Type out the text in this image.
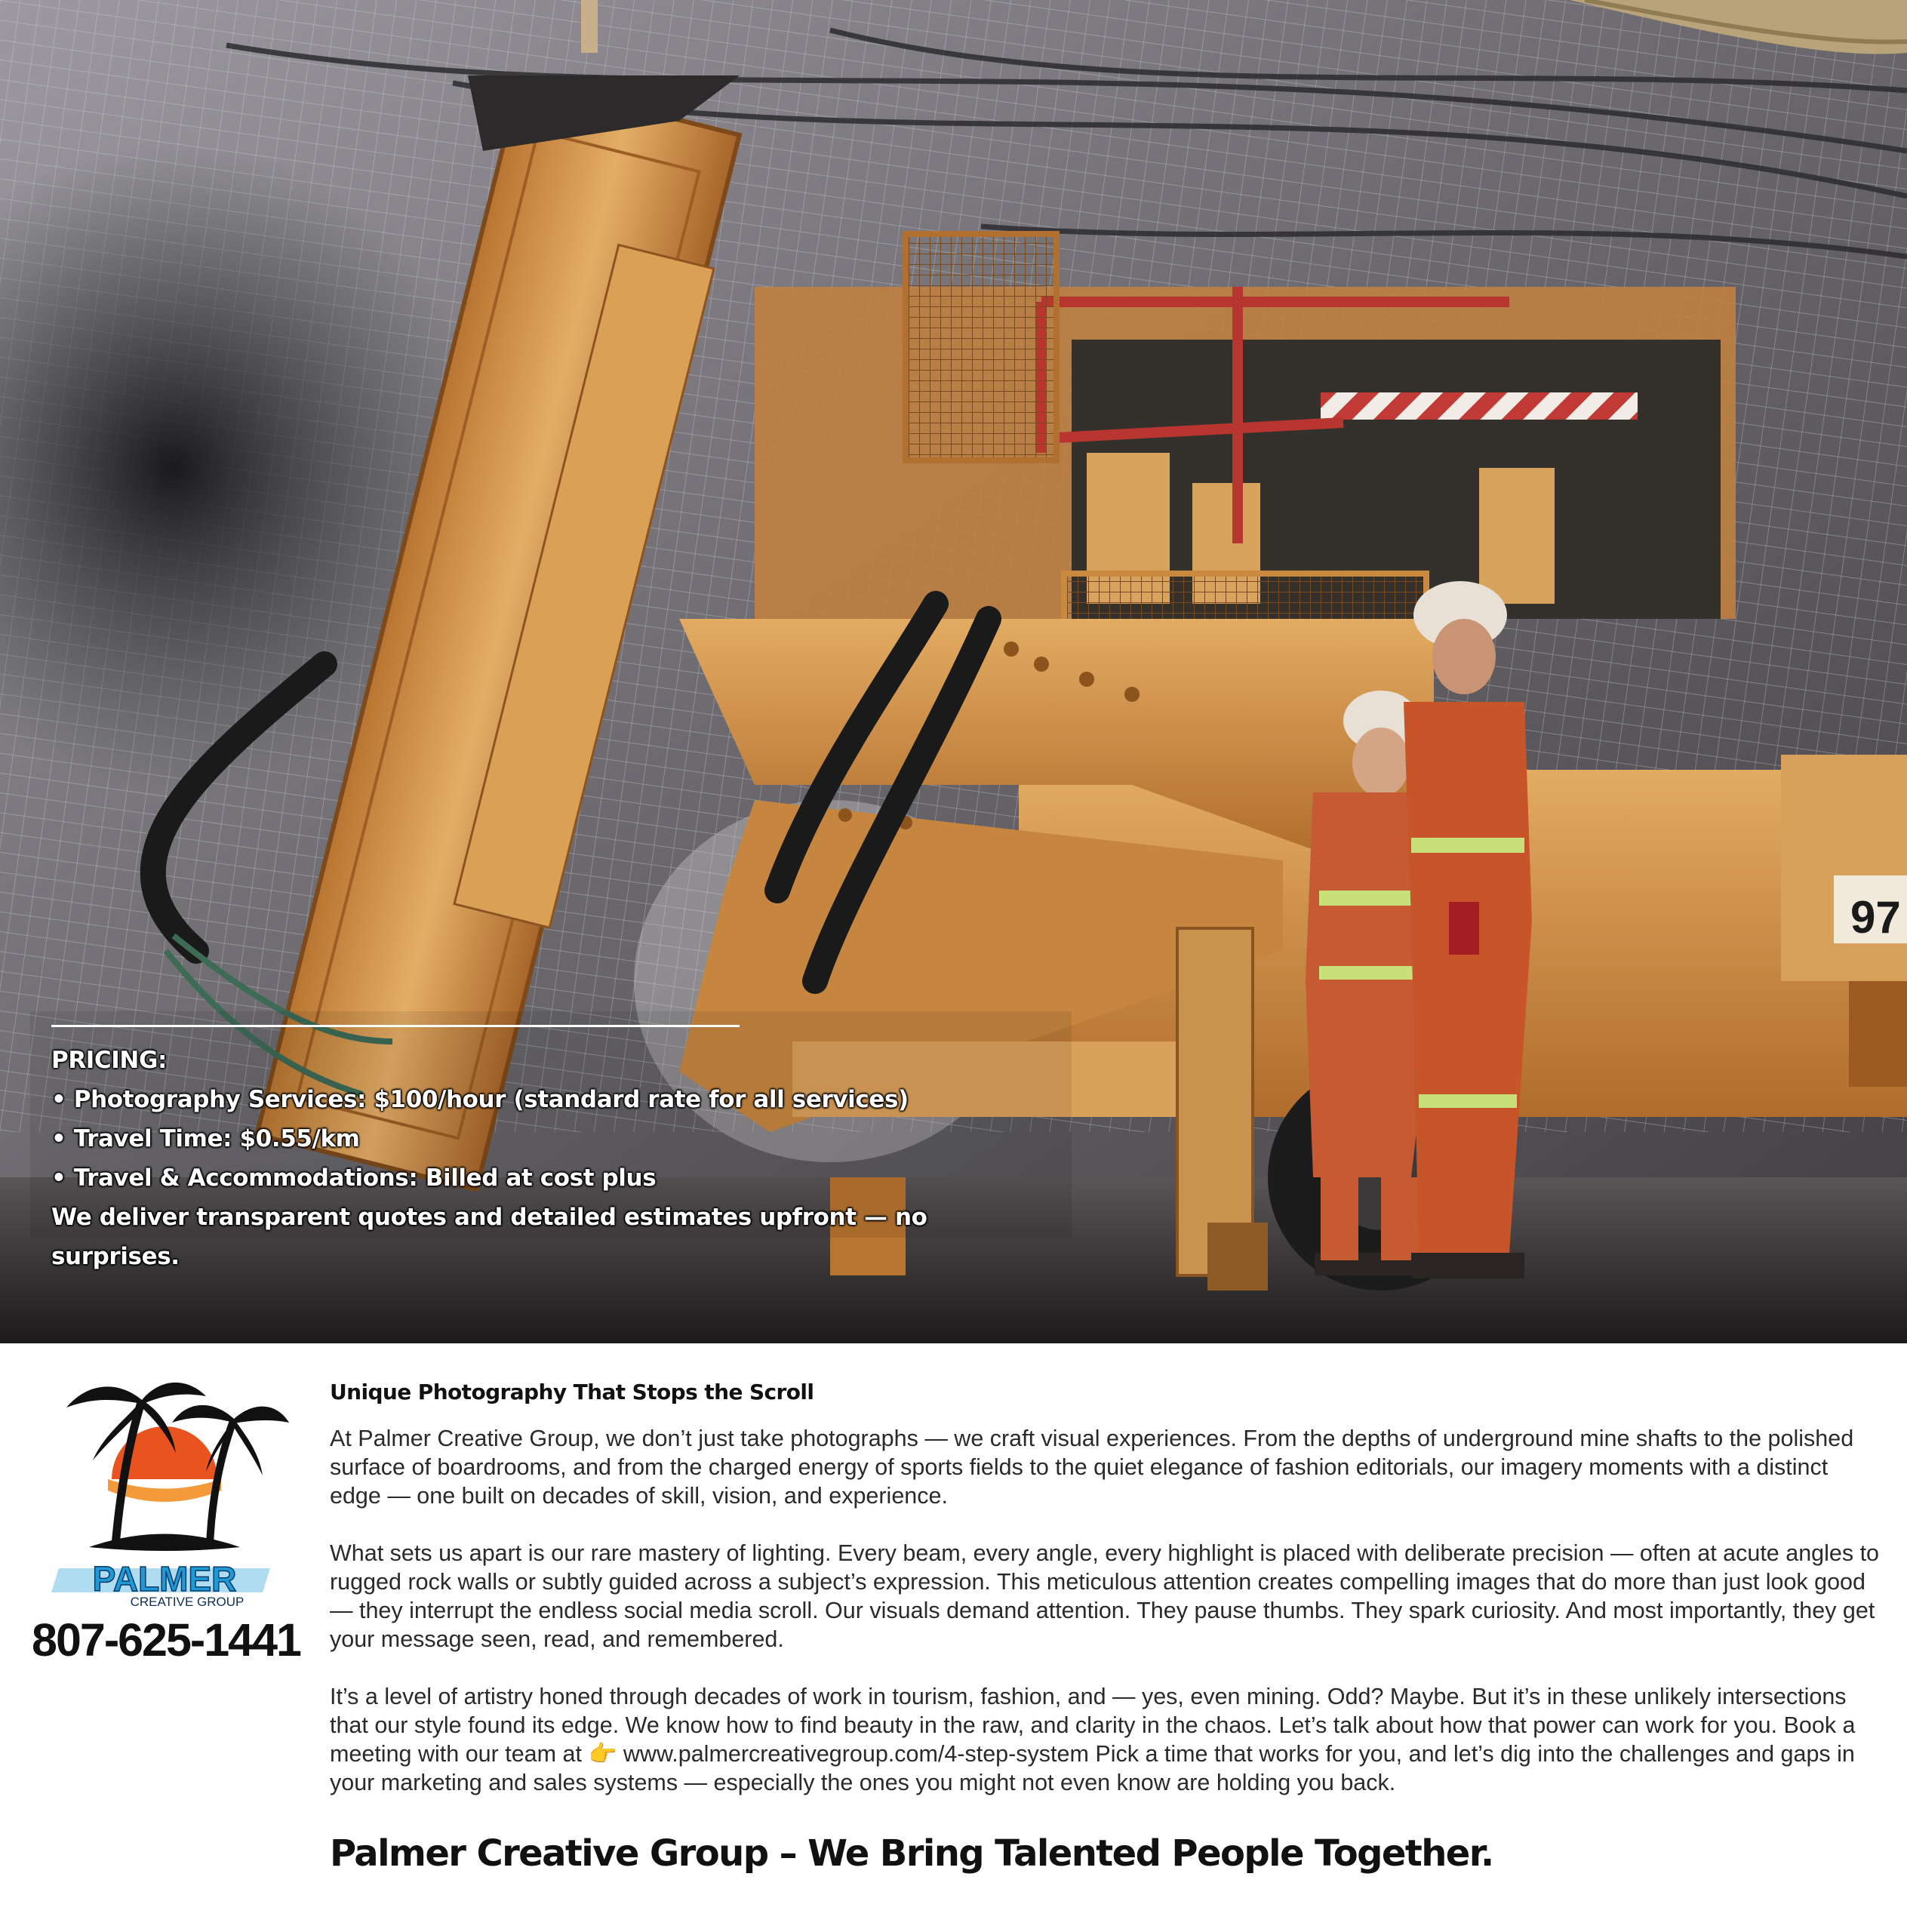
97

PRICING:

• Photography Services: $100/hour (standard rate for all services)

• Travel Time: $0.55/km

• Travel & Accommodations: Billed at cost plus

We deliver transparent quotes and detailed estimates upfront — no surprises.

PALMER
CREATIVE GROUP
807-625-1441
Unique Photography That Stops the Scroll

At Palmer Creative Group, we don’t just take photographs — we craft visual experiences. From the depths of underground mine shafts to the polished surface of boardrooms, and from the charged energy of sports fields to the quiet elegance of fashion editorials, our imagery moments with a distinct edge — one built on decades of skill, vision, and experience.

What sets us apart is our rare mastery of lighting. Every beam, every angle, every highlight is placed with deliberate precision — often at acute angles to rugged rock walls or subtly guided across a subject’s expression. This meticulous attention creates compelling images that do more than just look good — they interrupt the endless social media scroll. Our visuals demand attention. They pause thumbs. They spark curiosity. And most importantly, they get your message seen, read, and remembered.

It’s a level of artistry honed through decades of work in tourism, fashion, and — yes, even mining. Odd? Maybe. But it’s in these unlikely intersections that our style found its edge. We know how to find beauty in the raw, and clarity in the chaos. Let’s talk about how that power can work for you. Book a meeting with our team at 👉 www.palmercreativegroup.com/4-step-system Pick a time that works for you, and let’s dig into the challenges and gaps in your marketing and sales systems — especially the ones you might not even know are holding you back.

Palmer Creative Group – We Bring Talented People Together.
